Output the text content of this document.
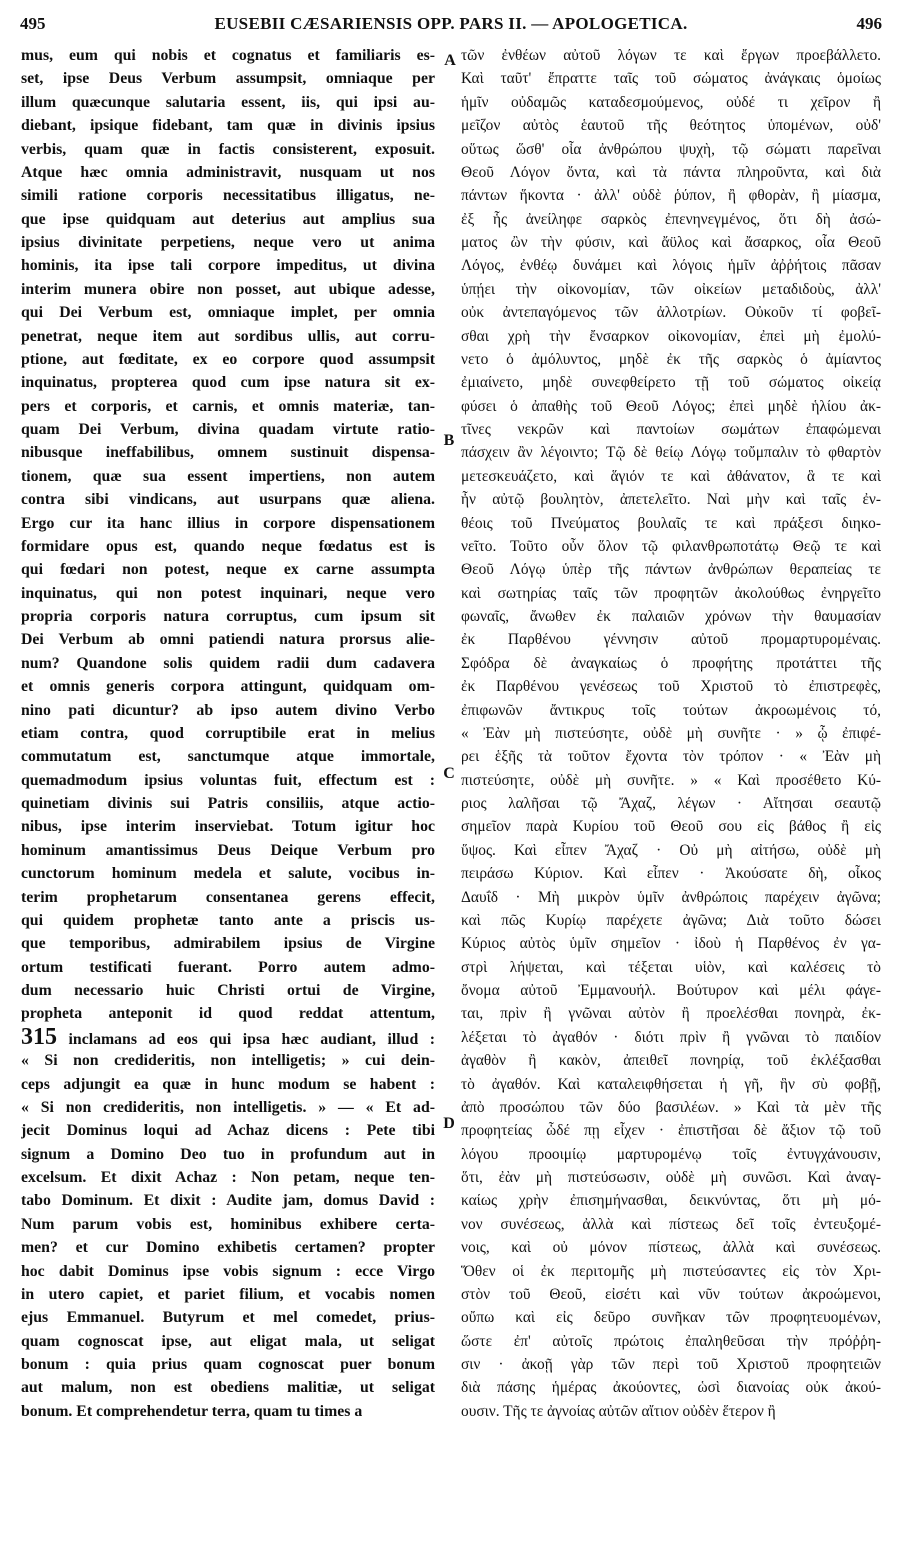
495	EUSEBII CÆSARIENSIS OPP. PARS II. — APOLOGETICA.	496
mus, eum qui nobis et cognatus et familiaris es-
set, ipse Deus Verbum assumpsit, omniaque per
illum quæcunque salutaria essent, iis, qui ipsi au-
diebant, ipsique fidebant, tam quæ in divinis ipsius
verbis, quam quæ in factis consisterent, exposuit.
Atque hæc omnia administravit, nusquam ut nos
simili ratione corporis necessitatibus illigatus, ne-
que ipse quidquam aut deterius aut amplius sua
ipsius divinitate perpetiens, neque vero ut anima
hominis, ita ipse tali corpore impeditus, ut divina
interim munera obire non posset, aut ubique adesse,
qui Dei Verbum est, omniaque implet, per omnia
penetrat, neque item aut sordibus ullis, aut corru-
ptione, aut fœditate, ex eo corpore quod assumpsit
inquinatus, propterea quod cum ipse natura sit ex-
pers et corporis, et carnis, et omnis materiæ, tan-
quam Dei Verbum, divina quadam virtute ratio-
nibusque ineffabilibus, omnem sustinuit dispensa-
tionem, quæ sua essent impertiens, non autem
contra sibi vindicans, aut usurpans quæ aliena.
Ergo cur ita hanc illius in corpore dispensationem
formidare opus est, quando neque fœdatus est is
qui fœdari non potest, neque ex carne assumpta
inquinatus, qui non potest inquinari, neque vero
propria corporis natura corruptus, cum ipsum sit
Dei Verbum ab omni patiendi natura prorsus alie-
num? Quandone solis quidem radii dum cadavera
et omnis generis corpora attingunt, quidquam om-
nino pati dicuntur? ab ipso autem divino Verbo
etiam contra, quod corruptibile erat in melius
commutatum est, sanctumque atque immortale,
quemadmodum ipsius voluntas fuit, effectum est :
quinetiam divinis sui Patris consiliis, atque actio-
nibus, ipse interim inserviebat. Totum igitur hoc
hominum amantissimus Deus Deique Verbum pro
cunctorum hominum medela et salute, vocibus in-
terim prophetarum consentanea gerens effecit,
qui quidem prophetæ tanto ante a priscis us-
que temporibus, admirabilem ipsius de Virgine
ortum testificati fuerant. Porro autem admo-
dum necessario huic Christi ortui de Virgine,
propheta anteponit id quod reddat attentum,
315 inclamans ad eos qui ipsa hæc audiant, illud :
« Si non credideritis, non intelligetis; » cui dein-
ceps adjungit ea quæ in hunc modum se habent :
« Si non credideritis, non intelligetis. » — « Et ad-
jecit Dominus loqui ad Achaz dicens : Pete tibi
signum a Domino Deo tuo in profundum aut in
excelsum. Et dixit Achaz : Non petam, neque ten-
tabo Dominum. Et dixit : Audite jam, domus David :
Num parum vobis est, hominibus exhibere certa-
men? et cur Domino exhibetis certamen? propter
hoc dabit Dominus ipse vobis signum : ecce Virgo
in utero capiet, et pariet filium, et vocabis nomen
ejus Emmanuel. Butyrum et mel comedet, prius-
quam cognoscat ipse, aut eligat mala, ut seligat
bonum : quia prius quam cognoscat puer bonum
aut malum, non est obediens malitiæ, ut seligat
bonum. Et comprehendetur terra, quam tu times a
τῶν ἐνθέων αὐτοῦ λόγων τε καὶ ἔργων προεβάλλετο.
Καὶ ταῦτ' ἔπραττε ταῖς τοῦ σώματος ἀνάγκαις ὁμοίως
ἡμῖν οὐδαμῶς καταδεσμούμενος, οὐδέ τι χεῖρον ἢ
μεῖζον αὐτὸς ἑαυτοῦ τῆς θεότητος ὑπομένων, οὐδ'
οὕτως ὥσθ' οἷα ἀνθρώπου ψυχὴ, τῷ σώματι παρεῖναι
Θεοῦ Λόγον ὄντα, καὶ τὰ πάντα πληροῦντα, καὶ διὰ
πάντων ἥκοντα · ἀλλ' οὐδὲ ῥύπον, ἢ φθορὰν, ἢ μίασμα,
ἐξ ἧς ἀνείληφε σαρκὸς ἐπενηνεγμένος, ὅτι δὴ ἀσώ-
ματος ὢν τὴν φύσιν, καὶ ἄϋλος καὶ ἄσαρκος, οἷα Θεοῦ
Λόγος, ἐνθέῳ δυνάμει καὶ λόγοις ἡμῖν ἀῤῥήτοις πᾶσαν
ὑπῄει τὴν οἰκονομίαν, τῶν οἰκείων μεταδιδοὺς, ἀλλ'
οὐκ ἀντεπαγόμενος τῶν ἀλλοτρίων. Οὐκοῦν τί φοβεῖ-
σθαι χρὴ τὴν ἔνσαρκον οἰκονομίαν, ἐπεὶ μὴ ἐμολύ-
νετο ὁ ἀμόλυντος, μηδὲ ἐκ τῆς σαρκὸς ὁ ἀμίαντος
ἐμιαίνετο, μηδὲ συνεφθείρετο τῇ τοῦ σώματος οἰκείᾳ
φύσει ὁ ἀπαθὴς τοῦ Θεοῦ Λόγος; ἐπεὶ μηδὲ ἡλίου ἀκ-
τῖνες νεκρῶν καὶ παντοίων σωμάτων ἐπαφώμεναι
πάσχειν ἂν λέγοιντο; Τῷ δὲ θείῳ Λόγῳ τοὔμπαλιν τὸ φθαρτὸν
μετεσκευάζετο, καὶ ἅγιόν τε καὶ ἀθάνατον, ἃ τε καὶ
ἦν αὐτῷ βουλητὸν, ἀπετελεῖτο. Ναὶ μὴν καὶ ταῖς ἐν-
θέοις τοῦ Πνεύματος βουλαῖς τε καὶ πράξεσι διηκο-
νεῖτο. Τοῦτο οὖν ὅλον τῷ φιλανθρωποτάτῳ Θεῷ τε καὶ
Θεοῦ Λόγῳ ὑπὲρ τῆς πάντων ἀνθρώπων θεραπείας τε
καὶ σωτηρίας ταῖς τῶν προφητῶν ἀκολούθως ἐνηργεῖτο
φωναῖς, ἄνωθεν ἐκ παλαιῶν χρόνων τὴν θαυμασίαν
ἐκ Παρθένου γέννησιν αὐτοῦ προμαρτυρομέναις.
Σφόδρα δὲ ἀναγκαίως ὁ προφήτης προτάττει τῆς
ἐκ Παρθένου γενέσεως τοῦ Χριστοῦ τὸ ἐπιστρεφὲς,
ἐπιφωνῶν ἄντικρυς τοῖς τούτων ἀκροωμένοις τό,
« Ἐὰν μὴ πιστεύσητε, οὐδὲ μὴ συνῆτε · » ᾧ ἐπιφέ-
ρει ἑξῆς τὰ τοῦτον ἔχοντα τὸν τρόπον · « Ἐὰν μὴ
πιστεύσητε, οὐδὲ μὴ συνῆτε. » « Καὶ προσέθετο Κύ-
ριος λαλῆσαι τῷ Ἄχαζ, λέγων · Αἴτησαι σεαυτῷ
σημεῖον παρὰ Κυρίου τοῦ Θεοῦ σου εἰς βάθος ἢ εἰς
ὕψος. Καὶ εἶπεν Ἄχαζ · Οὐ μὴ αἰτήσω, οὐδὲ μὴ
πειράσω Κύριον. Καὶ εἶπεν · Ἀκούσατε δὴ, οἶκος
Δαυΐδ · Μὴ μικρὸν ὑμῖν ἀνθρώποις παρέχειν ἀγῶνα;
καὶ πῶς Κυρίῳ παρέχετε ἀγῶνα; Διὰ τοῦτο δώσει
Κύριος αὐτὸς ὑμῖν σημεῖον · ἰδοὺ ἡ Παρθένος ἐν γα-
στρὶ λήψεται, καὶ τέξεται υἱὸν, καὶ καλέσεις τὸ
ὄνομα αὐτοῦ Ἐμμανουήλ. Βούτυρον καὶ μέλι φάγε-
ται, πρὶν ἢ γνῶναι αὐτὸν ἢ προελέσθαι πονηρὰ, ἐκ-
λέξεται τὸ ἀγαθόν · διότι πρὶν ἢ γνῶναι τὸ παιδίον
ἀγαθὸν ἢ κακὸν, ἀπειθεῖ πονηρίᾳ, τοῦ ἐκλέξασθαι
τὸ ἀγαθόν. Καὶ καταλειφθήσεται ἡ γῆ, ἣν σὺ φοβῇ,
ἀπὸ προσώπου τῶν δύο βασιλέων. » Καὶ τὰ μὲν τῆς
προφητείας ὧδέ πῃ εἶχεν · ἐπιστῆσαι δὲ ἄξιον τῷ τοῦ
λόγου προοιμίῳ μαρτυρομένῳ τοῖς ἐντυγχάνουσιν,
ὅτι, ἐὰν μὴ πιστεύσωσιν, οὐδὲ μὴ συνῶσι. Καὶ ἀναγ-
καίως χρὴν ἐπισημήνασθαι, δεικνύντας, ὅτι μὴ μό-
νον συνέσεως, ἀλλὰ καὶ πίστεως δεῖ τοῖς ἐντευξομέ-
νοις, καὶ οὐ μόνον πίστεως, ἀλλὰ καὶ συνέσεως.
Ὅθεν οἱ ἐκ περιτομῆς μὴ πιστεύσαντες εἰς τὸν Χρι-
στὸν τοῦ Θεοῦ, εἰσέτι καὶ νῦν τούτων ἀκροώμενοι,
οὔπω καὶ εἰς δεῦρο συνῆκαν τῶν προφητευομένων,
ὥστε ἐπ' αὐτοῖς πρώτοις ἐπαληθεῦσαι τὴν πρόῤῥη-
σιν · ἀκοῇ γὰρ τῶν περὶ τοῦ Χριστοῦ προφητειῶν
διὰ πάσης ἡμέρας ἀκούοντες, ὡσὶ διανοίας οὐκ ἀκού-
ουσιν. Τῆς τε ἀγνοίας αὐτῶν αἴτιον οὐδὲν ἕτερον ἢ
A
B
C
D
